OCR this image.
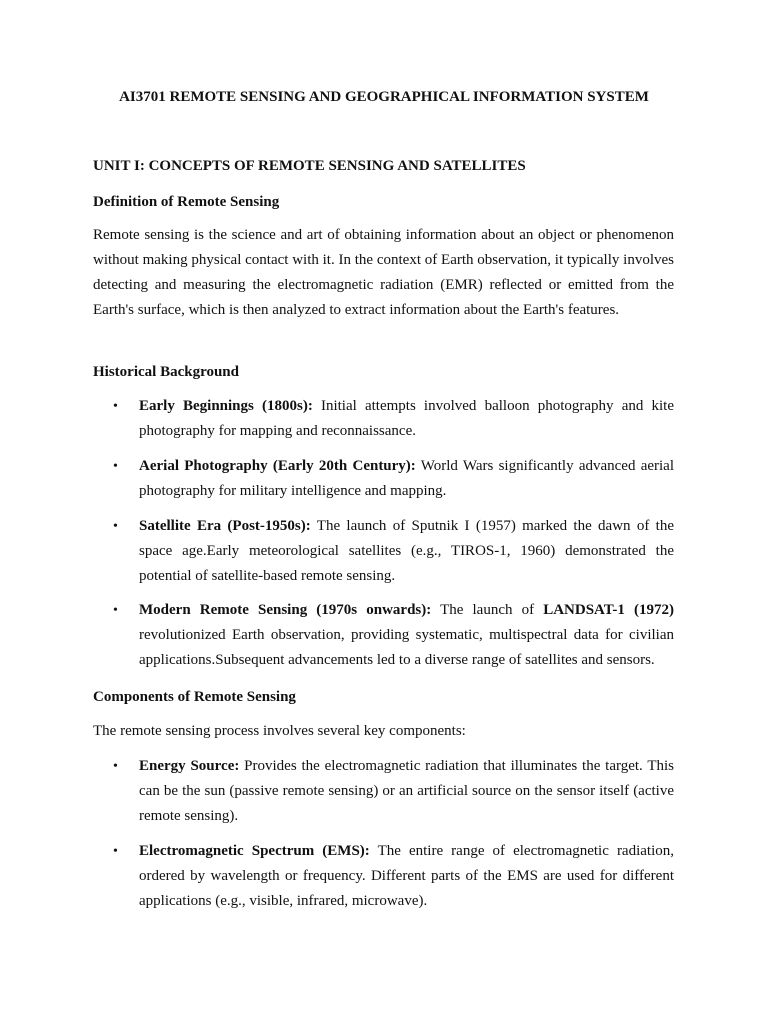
AI3701 REMOTE SENSING AND GEOGRAPHICAL INFORMATION SYSTEM
UNIT I: CONCEPTS OF REMOTE SENSING AND SATELLITES
Definition of Remote Sensing

Remote sensing is the science and art of obtaining information about an object or phenomenon without making physical contact with it. In the context of Earth observation, it typically involves detecting and measuring the electromagnetic radiation (EMR) reflected or emitted from the Earth's surface, which is then analyzed to extract information about the Earth's features.

Historical Background
• Early Beginnings (1800s): Initial attempts involved balloon photography and kite photography for mapping and reconnaissance.
• Aerial Photography (Early 20th Century): World Wars significantly advanced aerial photography for military intelligence and mapping.
• Satellite Era (Post-1950s): The launch of Sputnik I (1957) marked the dawn of the space age.Early meteorological satellites (e.g., TIROS-1, 1960) demonstrated the potential of satellite-based remote sensing.
• Modern Remote Sensing (1970s onwards): The launch of LANDSAT-1 (1972) revolutionized Earth observation, providing systematic, multispectral data for civilian applications.Subsequent advancements led to a diverse range of satellites and sensors.
Components of Remote Sensing

The remote sensing process involves several key components:

• Energy Source: Provides the electromagnetic radiation that illuminates the target. This can be the sun (passive remote sensing) or an artificial source on the sensor itself (active remote sensing).
• Electromagnetic Spectrum (EMS): The entire range of electromagnetic radiation, ordered by wavelength or frequency. Different parts of the EMS are used for different applications (e.g., visible, infrared, microwave).
